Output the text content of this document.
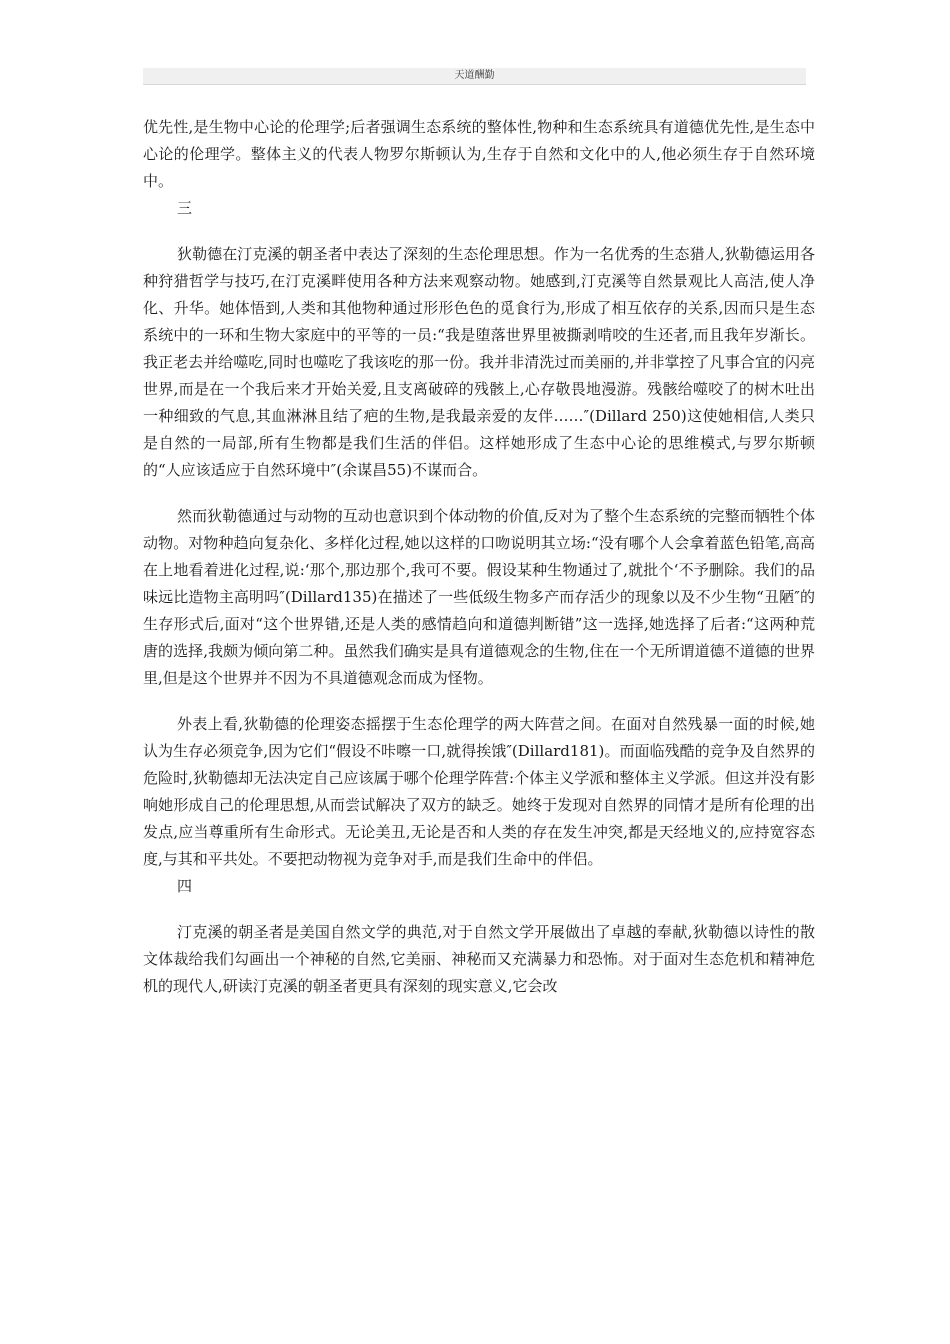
天道酬勤

优先性,是生物中心论的伦理学;后者强调生态系统的整体性,物种和生态系统具有道德优先性,是生态中心论的伦理学。整体主义的代表人物罗尔斯顿认为,生存于自然和文化中的人,他必须生存于自然环境中。

三

狄勒德在汀克溪的朝圣者中表达了深刻的生态伦理思想。作为一名优秀的生态猎人,狄勒德运用各种狩猎哲学与技巧,在汀克溪畔使用各种方法来观察动物。她感到,汀克溪等自然景观比人高洁,使人净化、升华。她体悟到,人类和其他物种通过形形色色的觅食行为,形成了相互依存的关系,因而只是生态系统中的一环和生物大家庭中的平等的一员:“我是堕落世界里被撕剥啃咬的生还者,而且我年岁渐长。我正老去并给噬吃,同时也噬吃了我该吃的那一份。我并非清洗过而美丽的,并非掌控了凡事合宜的闪亮世界,而是在一个我后来才开始关爱,且支离破碎的残骸上,心存敬畏地漫游。残骸给噬咬了的树木吐出一种细致的气息,其血淋淋且结了疤的生物,是我最亲爱的友伴……″(Dillard 250)这使她相信,人类只是自然的一局部,所有生物都是我们生活的伴侣。这样她形成了生态中心论的思维模式,与罗尔斯顿的“人应该适应于自然环境中″(余谋昌55)不谋而合。

然而狄勒德通过与动物的互动也意识到个体动物的价值,反对为了整个生态系统的完整而牺牲个体动物。对物种趋向复杂化、多样化过程,她以这样的口吻说明其立场:“没有哪个人会拿着蓝色铅笔,高高在上地看着进化过程,说:‘那个,那边那个,我可不要。假设某种生物通过了,就批个‘不予删除。我们的品味远比造物主高明吗″(Dillard135)在描述了一些低级生物多产而存活少的现象以及不少生物“丑陋″的生存形式后,面对“这个世界错,还是人类的感情趋向和道德判断错”这一选择,她选择了后者:“这两种荒唐的选择,我颇为倾向第二种。虽然我们确实是具有道德观念的生物,住在一个无所谓道德不道德的世界里,但是这个世界并不因为不具道德观念而成为怪物。

外表上看,狄勒德的伦理姿态摇摆于生态伦理学的两大阵营之间。在面对自然残暴一面的时候,她认为生存必须竞争,因为它们“假设不咔嚓一口,就得挨饿″(Dillard181)。而面临残酷的竞争及自然界的危险时,狄勒德却无法决定自己应该属于哪个伦理学阵营:个体主义学派和整体主义学派。但这并没有影响她形成自己的伦理思想,从而尝试解决了双方的缺乏。她终于发现对自然界的同情才是所有伦理的出发点,应当尊重所有生命形式。无论美丑,无论是否和人类的存在发生冲突,都是天经地义的,应持宽容态度,与其和平共处。不要把动物视为竞争对手,而是我们生命中的伴侣。

四

汀克溪的朝圣者是美国自然文学的典范,对于自然文学开展做出了卓越的奉献,狄勒德以诗性的散文体裁给我们勾画出一个神秘的自然,它美丽、神秘而又充满暴力和恐怖。对于面对生态危机和精神危机的现代人,研读汀克溪的朝圣者更具有深刻的现实意义,它会改
